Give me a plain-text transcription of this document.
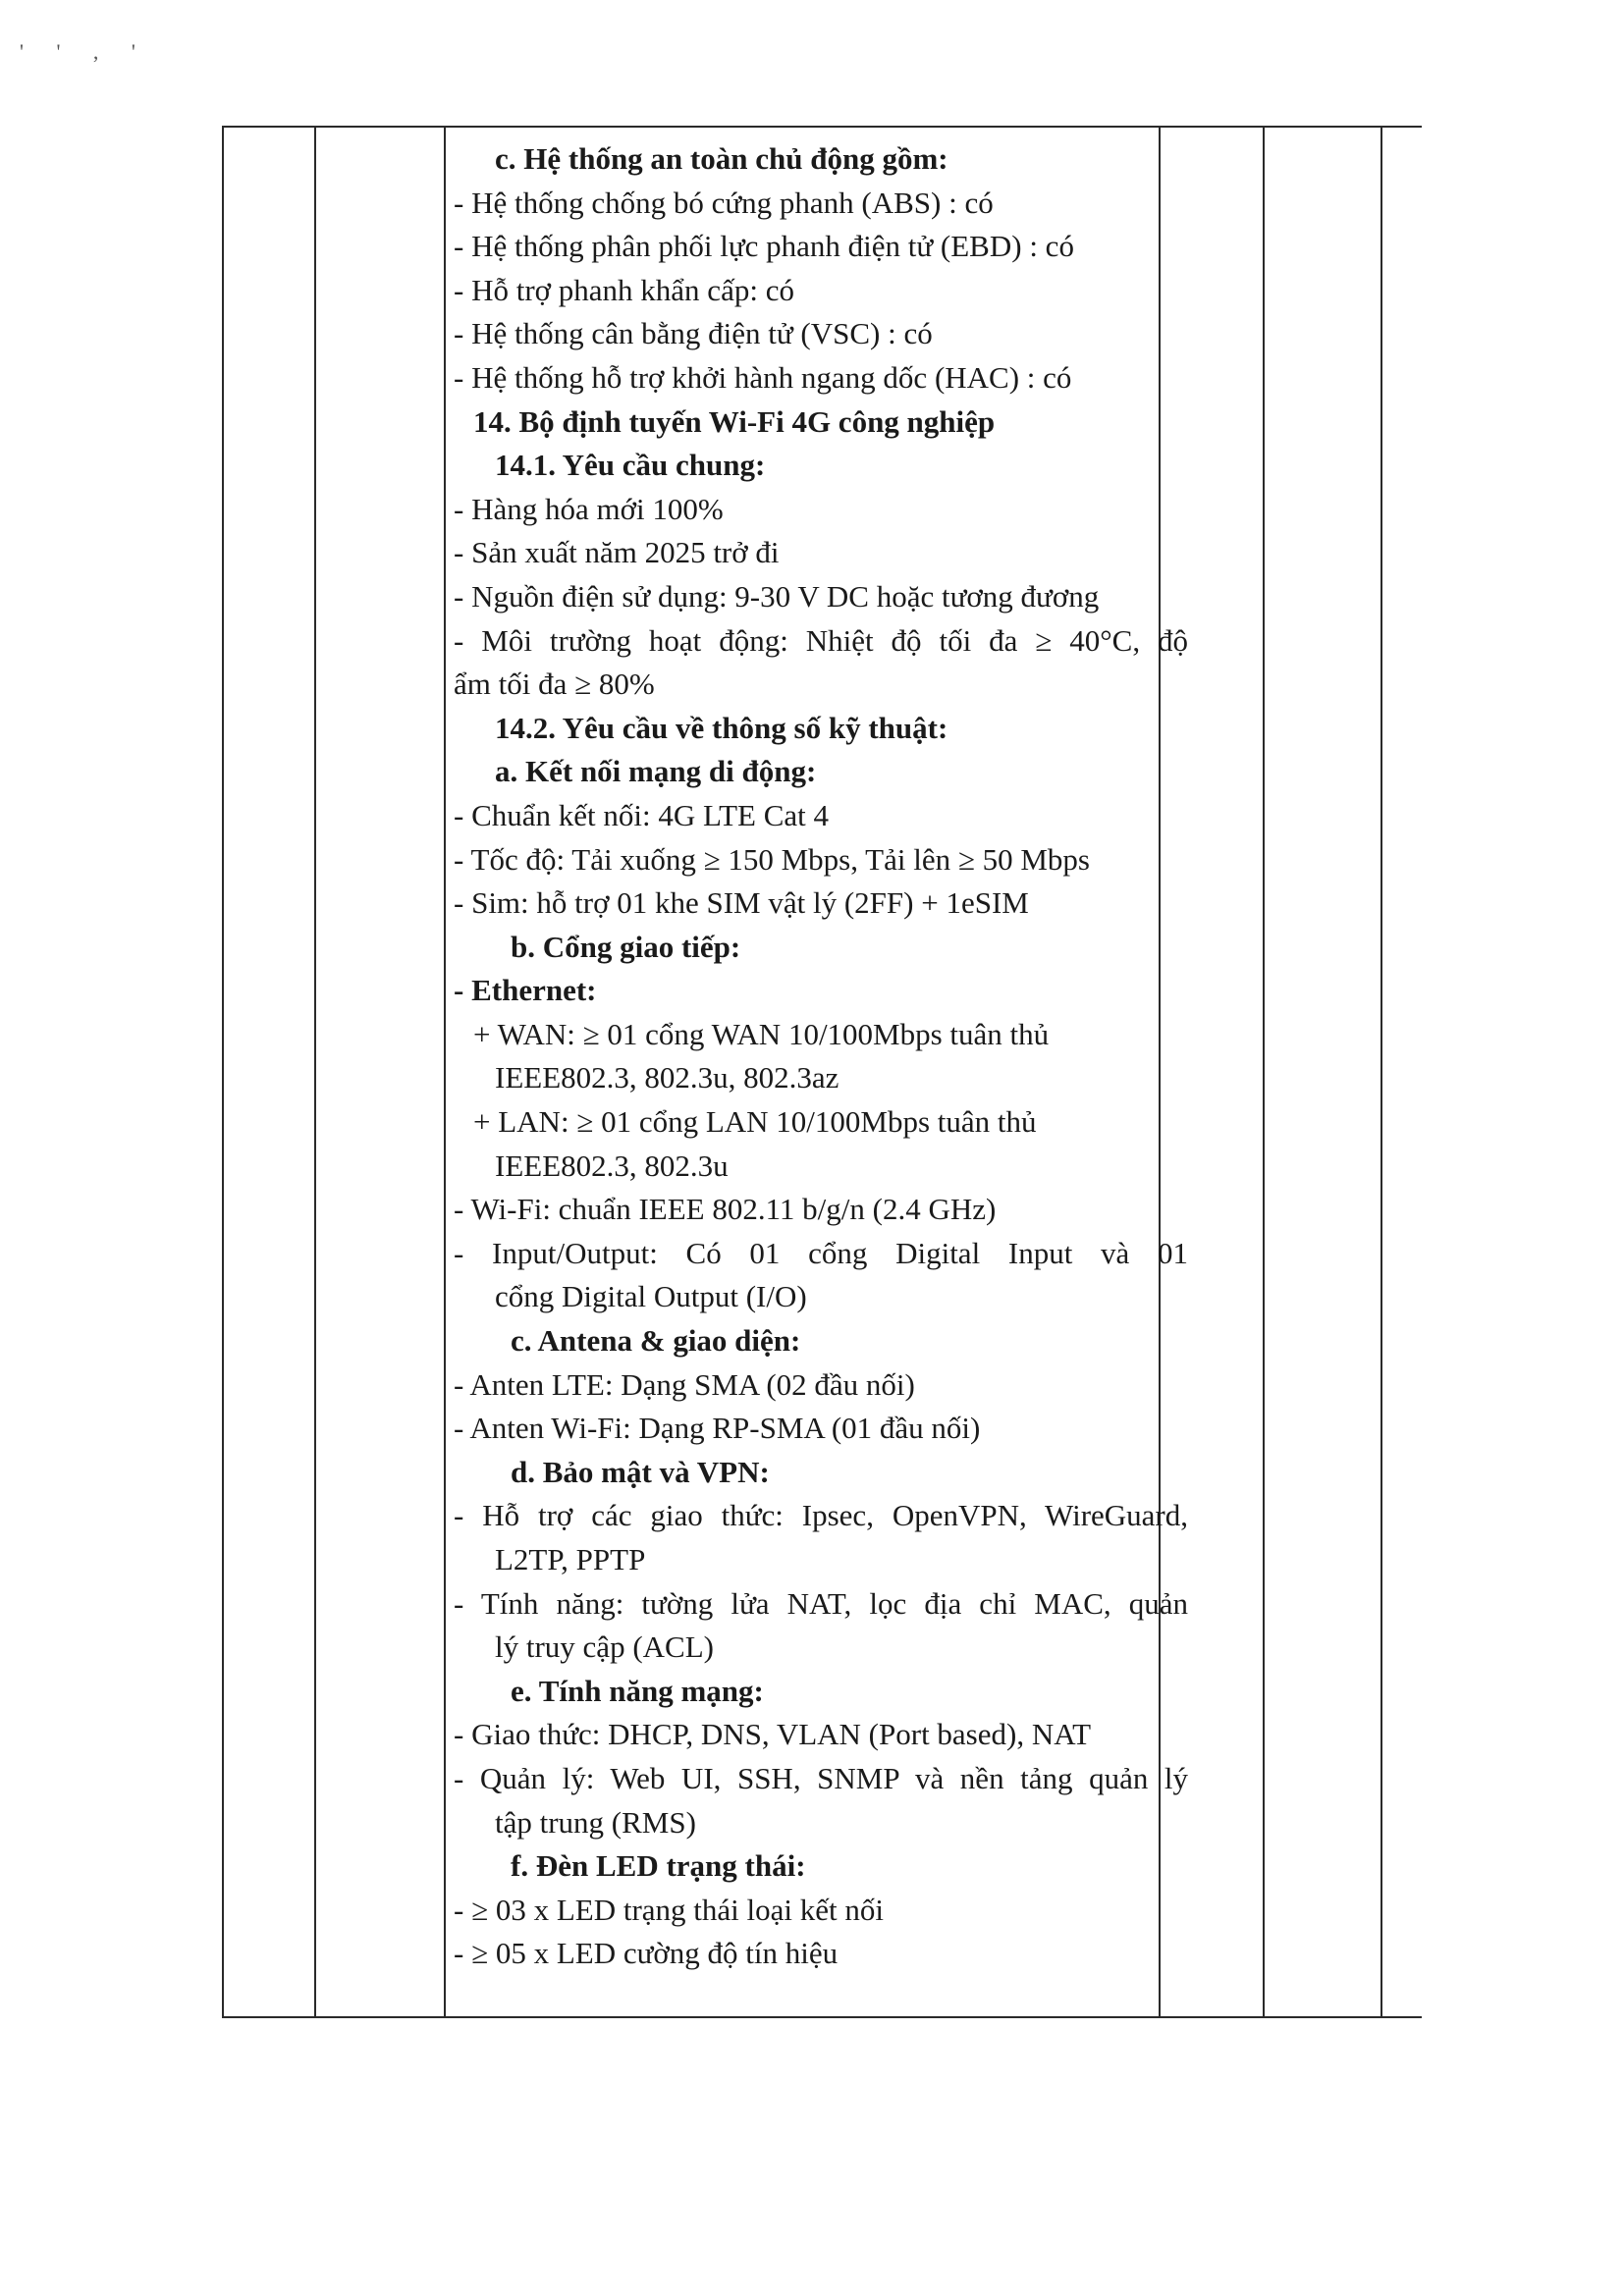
' ' , '
c. Hệ thống an toàn chủ động gồm:
- Hệ thống chống bó cứng phanh (ABS) : có
- Hệ thống phân phối lực phanh điện tử (EBD) : có
- Hỗ trợ phanh khẩn cấp: có
- Hệ thống cân bằng điện tử (VSC) : có
- Hệ thống hỗ trợ khởi hành ngang dốc (HAC) : có
14. Bộ định tuyến Wi-Fi 4G công nghiệp
14.1. Yêu cầu chung:
- Hàng hóa mới 100%
- Sản xuất năm 2025 trở đi
- Nguồn điện sử dụng: 9-30 V DC hoặc tương đương
- Môi trường hoạt động: Nhiệt độ tối đa ≥ 40°C, độ
ẩm tối đa ≥ 80%
14.2. Yêu cầu về thông số kỹ thuật:
a. Kết nối mạng di động:
- Chuẩn kết nối: 4G LTE Cat 4
- Tốc độ: Tải xuống ≥ 150 Mbps, Tải lên ≥ 50 Mbps
- Sim: hỗ trợ 01 khe SIM vật lý (2FF) + 1eSIM
b. Cổng giao tiếp:
- Ethernet:
+ WAN: ≥ 01 cổng WAN 10/100Mbps tuân thủ
IEEE802.3, 802.3u, 802.3az
+ LAN: ≥ 01 cổng LAN 10/100Mbps tuân thủ
IEEE802.3, 802.3u
- Wi-Fi: chuẩn IEEE 802.11 b/g/n (2.4 GHz)
- Input/Output: Có 01 cổng Digital Input và 01
cổng Digital Output (I/O)
c. Antena & giao diện:
- Anten LTE: Dạng SMA (02 đầu nối)
- Anten Wi-Fi: Dạng RP-SMA (01 đầu nối)
d. Bảo mật và VPN:
- Hỗ trợ các giao thức: Ipsec, OpenVPN, WireGuard,
L2TP, PPTP
- Tính năng: tường lửa NAT, lọc địa chỉ MAC, quản
lý truy cập (ACL)
e. Tính năng mạng:
- Giao thức: DHCP, DNS, VLAN (Port based), NAT
- Quản lý: Web UI, SSH, SNMP và nền tảng quản lý
tập trung (RMS)
f. Đèn LED trạng thái:
- ≥ 03 x LED trạng thái loại kết nối
- ≥ 05 x LED cường độ tín hiệu
